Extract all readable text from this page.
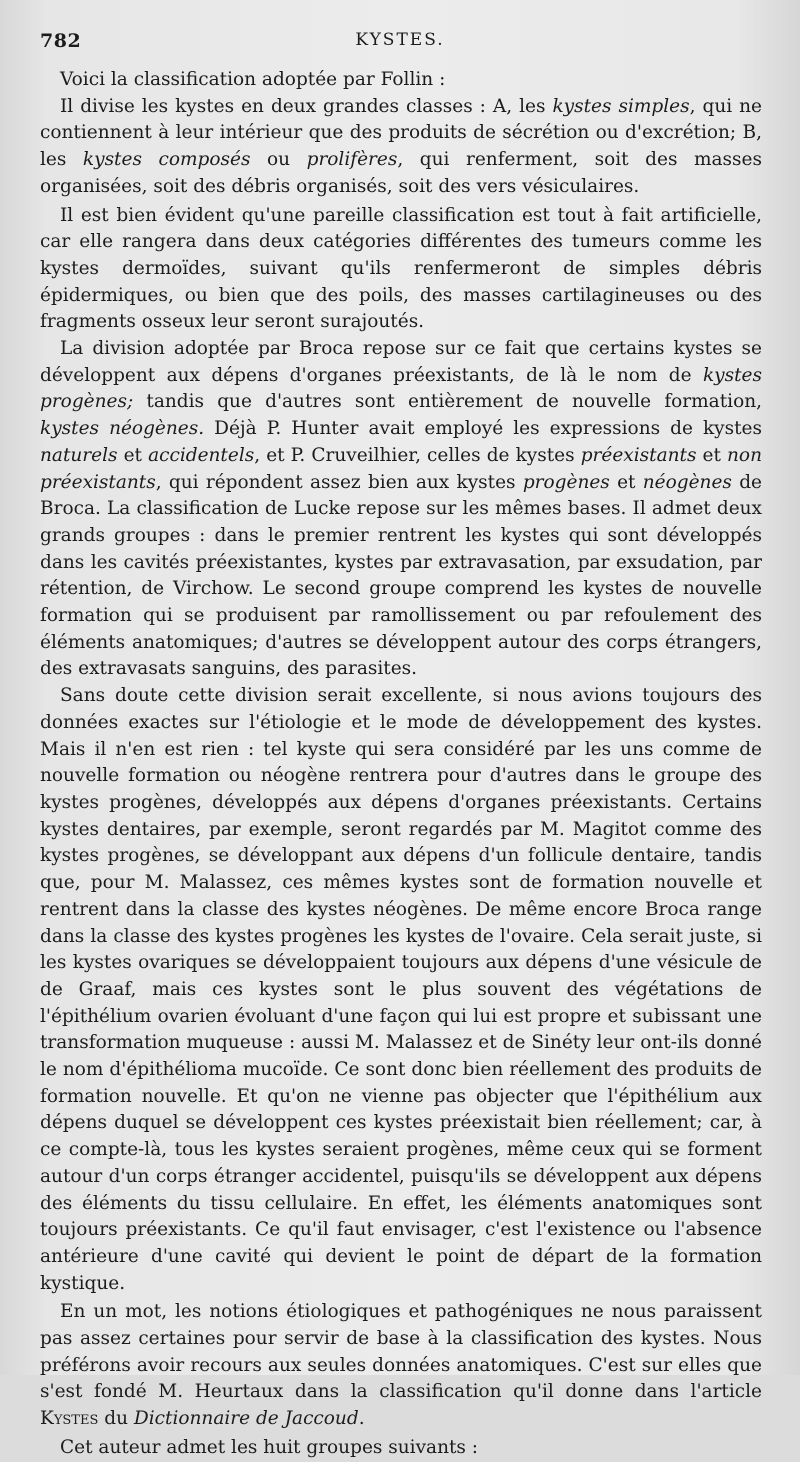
782	KYSTES.

Voici la classification adoptée par Follin :

Il divise les kystes en deux grandes classes : A, les kystes simples, qui ne contiennent à leur intérieur que des produits de sécrétion ou d'excrétion; B, les kystes composés ou prolifères, qui renferment, soit des masses organisées, soit des débris organisés, soit des vers vésiculaires.

Il est bien évident qu'une pareille classification est tout à fait artificielle, car elle rangera dans deux catégories différentes des tumeurs comme les kystes dermoïdes, suivant qu'ils renfermeront de simples débris épidermiques, ou bien que des poils, des masses cartilagineuses ou des fragments osseux leur seront surajoutés.

La division adoptée par Broca repose sur ce fait que certains kystes se développent aux dépens d'organes préexistants, de là le nom de kystes progènes; tandis que d'autres sont entièrement de nouvelle formation, kystes néogènes. Déjà P. Hunter avait employé les expressions de kystes naturels et accidentels, et P. Cruveilhier, celles de kystes préexistants et non préexistants, qui répondent assez bien aux kystes progènes et néogènes de Broca. La classification de Lucke repose sur les mêmes bases. Il admet deux grands groupes : dans le premier rentrent les kystes qui sont développés dans les cavités préexistantes, kystes par extravasation, par exsudation, par rétention, de Virchow. Le second groupe comprend les kystes de nouvelle formation qui se produisent par ramollissement ou par refoulement des éléments anatomiques; d'autres se développent autour des corps étrangers, des extravasats sanguins, des parasites.

Sans doute cette division serait excellente, si nous avions toujours des données exactes sur l'étiologie et le mode de développement des kystes. Mais il n'en est rien : tel kyste qui sera considéré par les uns comme de nouvelle formation ou néogène rentrera pour d'autres dans le groupe des kystes progènes, développés aux dépens d'organes préexistants. Certains kystes dentaires, par exemple, seront regardés par M. Magitot comme des kystes progènes, se développant aux dépens d'un follicule dentaire, tandis que, pour M. Malassez, ces mêmes kystes sont de formation nouvelle et rentrent dans la classe des kystes néogènes. De même encore Broca range dans la classe des kystes progènes les kystes de l'ovaire. Cela serait juste, si les kystes ovariques se développaient toujours aux dépens d'une vésicule de de Graaf, mais ces kystes sont le plus souvent des végétations de l'épithélium ovarien évoluant d'une façon qui lui est propre et subissant une transformation muqueuse : aussi M. Malassez et de Sinéty leur ont-ils donné le nom d'épithélioma mucoïde. Ce sont donc bien réellement des produits de formation nouvelle. Et qu'on ne vienne pas objecter que l'épithélium aux dépens duquel se développent ces kystes préexistait bien réellement; car, à ce compte-là, tous les kystes seraient progènes, même ceux qui se forment autour d'un corps étranger accidentel, puisqu'ils se développent aux dépens des éléments du tissu cellulaire. En effet, les éléments anatomiques sont toujours préexistants. Ce qu'il faut envisager, c'est l'existence ou l'absence antérieure d'une cavité qui devient le point de départ de la formation kystique.

En un mot, les notions étiologiques et pathogéniques ne nous paraissent pas assez certaines pour servir de base à la classification des kystes. Nous préférons avoir recours aux seules données anatomiques. C'est sur elles que s'est fondé M. Heurtaux dans la classification qu'il donne dans l'article Kystes du Dictionnaire de Jaccoud.

Cet auteur admet les huit groupes suivants :
